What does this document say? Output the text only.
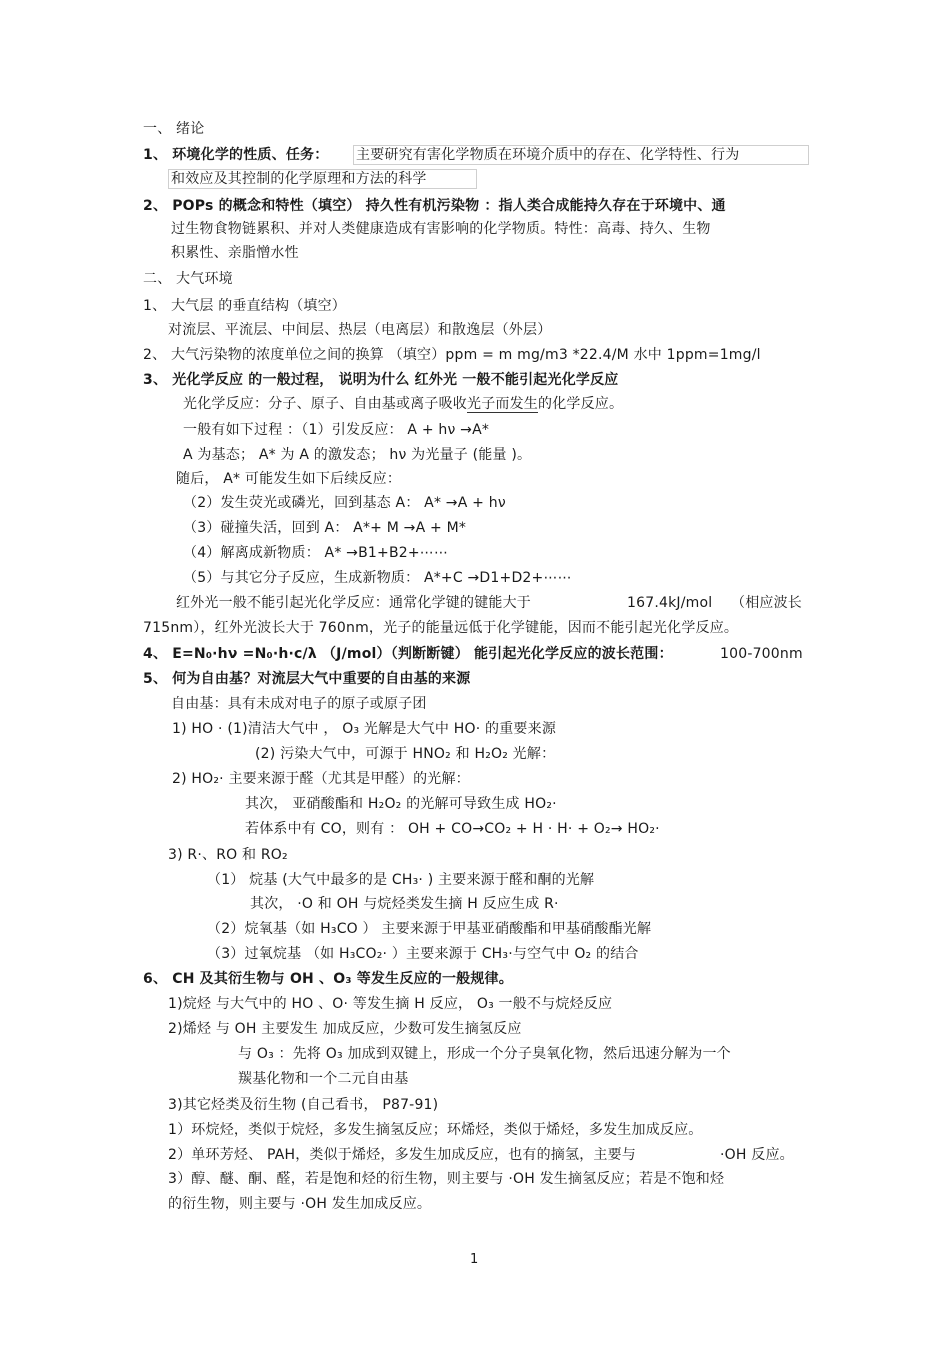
一、 绪论
1、 环境化学的性质、任务： 主要研究有害化学物质在环境介质中的存在、化学特性、行为
和效应及其控制的化学原理和方法的科学
2、 POPs 的概念和特性（填空） 持久性有机污染物 ：指人类合成能持久存在于环境中、通
过生物食物链累积、并对人类健康造成有害影响的化学物质。特性：高毒、持久、生物
积累性、亲脂憎水性
二、 大气环境
1、 大气层 的垂直结构（填空）
对流层、平流层、中间层、热层（电离层）和散逸层（外层）
2、 大气污染物的浓度单位之间的换算 （填空）ppm = m mg/m3 *22.4/M 水中 1ppm=1mg/l
3、 光化学反应 的一般过程， 说明为什么 红外光 一般不能引起光化学反应
光化学反应：分子、原子、自由基或离子吸收光子而发生的化学反应。
一般有如下过程 ：（1）引发反应： A + hν →A*
A 为基态； A* 为 A 的激发态； hν 为光量子 (能量 )。
随后， A* 可能发生如下后续反应：
（2）发生荧光或磷光，回到基态 A： A* →A + hν
（3）碰撞失活，回到 A： A*+ M →A + M*
（4）解离成新物质： A* →B1+B2+⋯⋯
（5）与其它分子反应，生成新物质： A*+C →D1+D2+⋯⋯
红外光一般不能引起光化学反应：通常化学键的键能大于	167.4kJ/mol （相应波长
715nm），红外光波长大于 760nm，光子的能量远低于化学键能，因而不能引起光化学反应。
4、 E=N₀·hν =N₀·h·c/λ （J/mol）（判断断键） 能引起光化学反应的波长范围：	100-700nm
5、 何为自由基？对流层大气中重要的自由基的来源
自由基：具有未成对电子的原子或原子团
1) HO · (1)清洁大气中 ， O₃ 光解是大气中 HO· 的重要来源
(2) 污染大气中，可源于 HNO₂ 和 H₂O₂ 光解：
2) HO₂· 主要来源于醛（尤其是甲醛）的光解：
其次， 亚硝酸酯和 H₂O₂ 的光解可导致生成 HO₂·
若体系中有 CO，则有 ： OH + CO→CO₂ + H · H· + O₂→ HO₂·
3) R·、RO 和 RO₂
（1） 烷基 (大气中最多的是 CH₃· ) 主要来源于醛和酮的光解
其次， ·O 和 OH 与烷烃类发生摘 H 反应生成 R·
（2）烷氧基（如 H₃CO ） 主要来源于甲基亚硝酸酯和甲基硝酸酯光解
（3）过氧烷基 （如 H₃CO₂· ）主要来源于 CH₃·与空气中 O₂ 的结合
6、 CH 及其衍生物与 OH 、O₃ 等发生反应的一般规律。
1)烷烃 与大气中的 HO 、O· 等发生摘 H 反应， O₃ 一般不与烷烃反应
2)烯烃 与 OH 主要发生 加成反应，少数可发生摘氢反应
与 O₃ ：先将 O₃ 加成到双键上，形成一个分子臭氧化物，然后迅速分解为一个
羰基化物和一个二元自由基
3)其它烃类及衍生物 (自己看书， P87-91)
1）环烷烃，类似于烷烃，多发生摘氢反应；环烯烃，类似于烯烃，多发生加成反应。
2）单环芳烃、 PAH，类似于烯烃，多发生加成反应，也有的摘氢，主要与	·OH 反应。
3）醇、醚、酮、醛，若是饱和烃的衍生物，则主要与 ·OH 发生摘氢反应；若是不饱和烃
的衍生物，则主要与 ·OH 发生加成反应。
1
